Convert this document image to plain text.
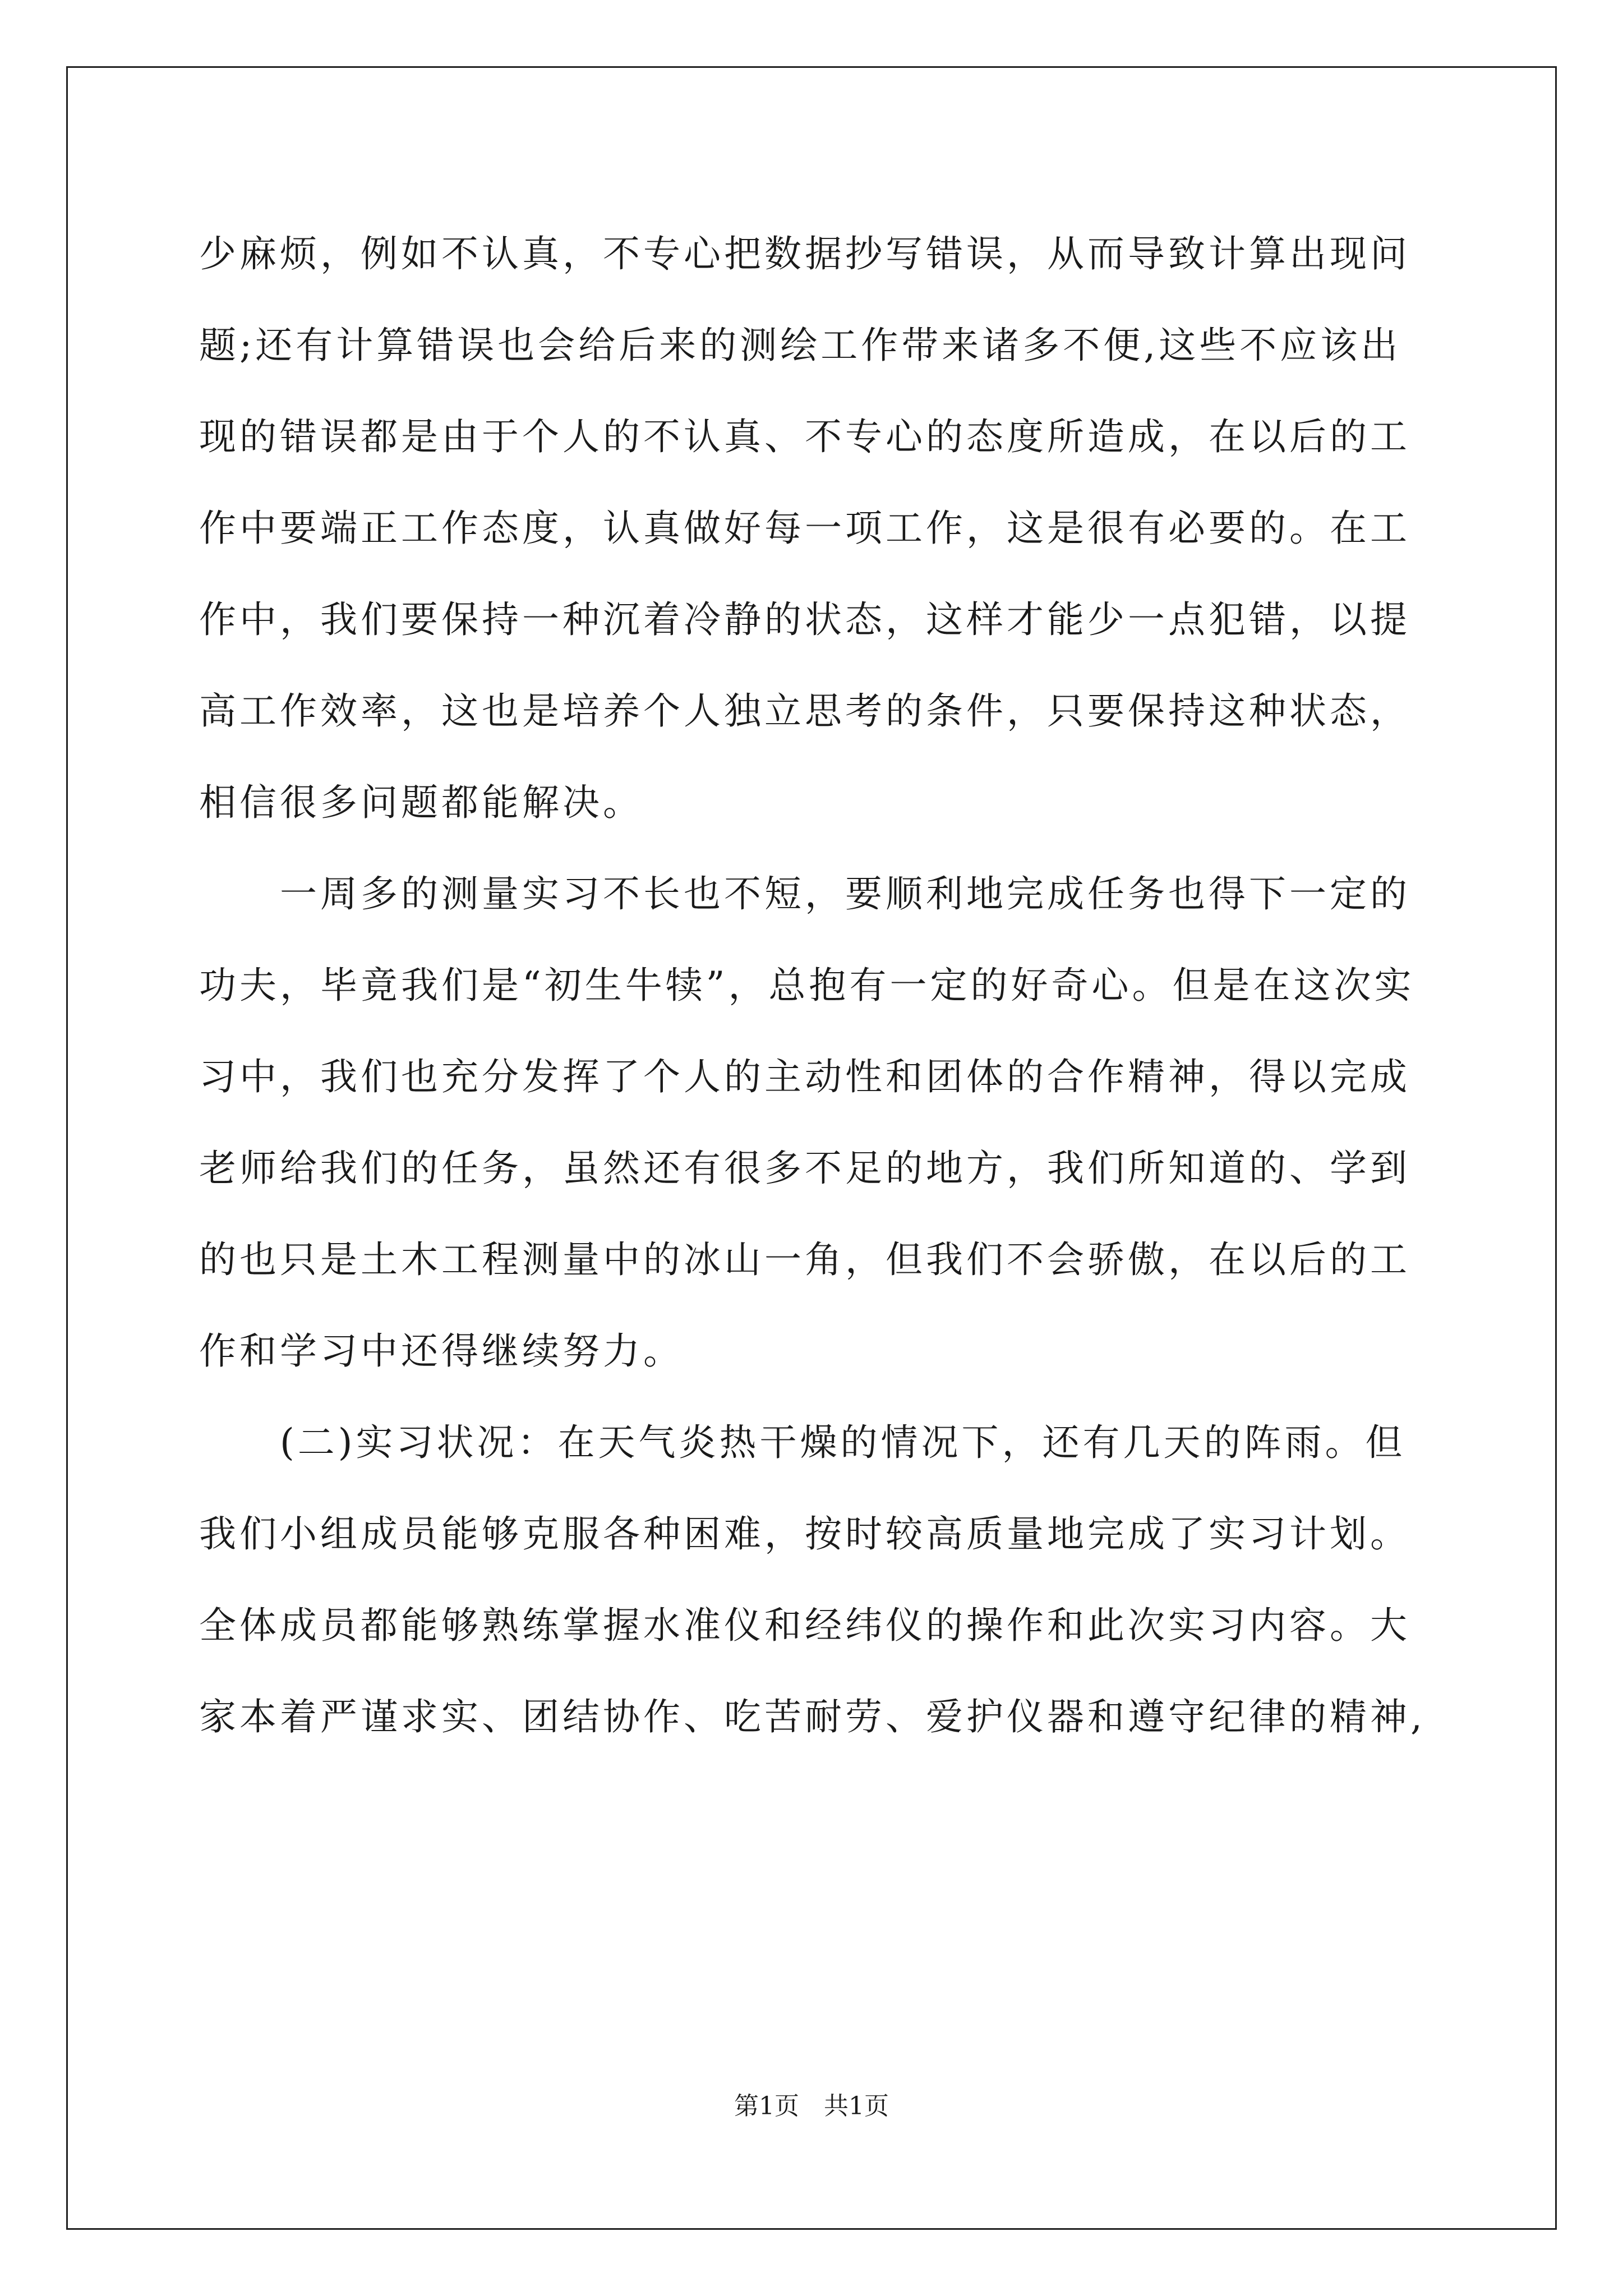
少麻烦，例如不认真，不专心把数据抄写错误，从而导致计算出现问
题;还有计算错误也会给后来的测绘工作带来诸多不便,这些不应该出
现的错误都是由于个人的不认真、不专心的态度所造成，在以后的工
作中要端正工作态度，认真做好每一项工作，这是很有必要的。在工
作中，我们要保持一种沉着冷静的状态，这样才能少一点犯错，以提
高工作效率，这也是培养个人独立思考的条件，只要保持这种状态，
相信很多问题都能解决。
　　一周多的测量实习不长也不短，要顺利地完成任务也得下一定的
功夫，毕竟我们是“初生牛犊”，总抱有一定的好奇心。但是在这次实
习中，我们也充分发挥了个人的主动性和团体的合作精神，得以完成
老师给我们的任务，虽然还有很多不足的地方，我们所知道的、学到
的也只是土木工程测量中的冰山一角，但我们不会骄傲，在以后的工
作和学习中还得继续努力。
　　(二)实习状况：在天气炎热干燥的情况下，还有几天的阵雨。但
我们小组成员能够克服各种困难，按时较高质量地完成了实习计划。
全体成员都能够熟练掌握水准仪和经纬仪的操作和此次实习内容。大
家本着严谨求实、团结协作、吃苦耐劳、爱护仪器和遵守纪律的精神,
第1页　共1页
